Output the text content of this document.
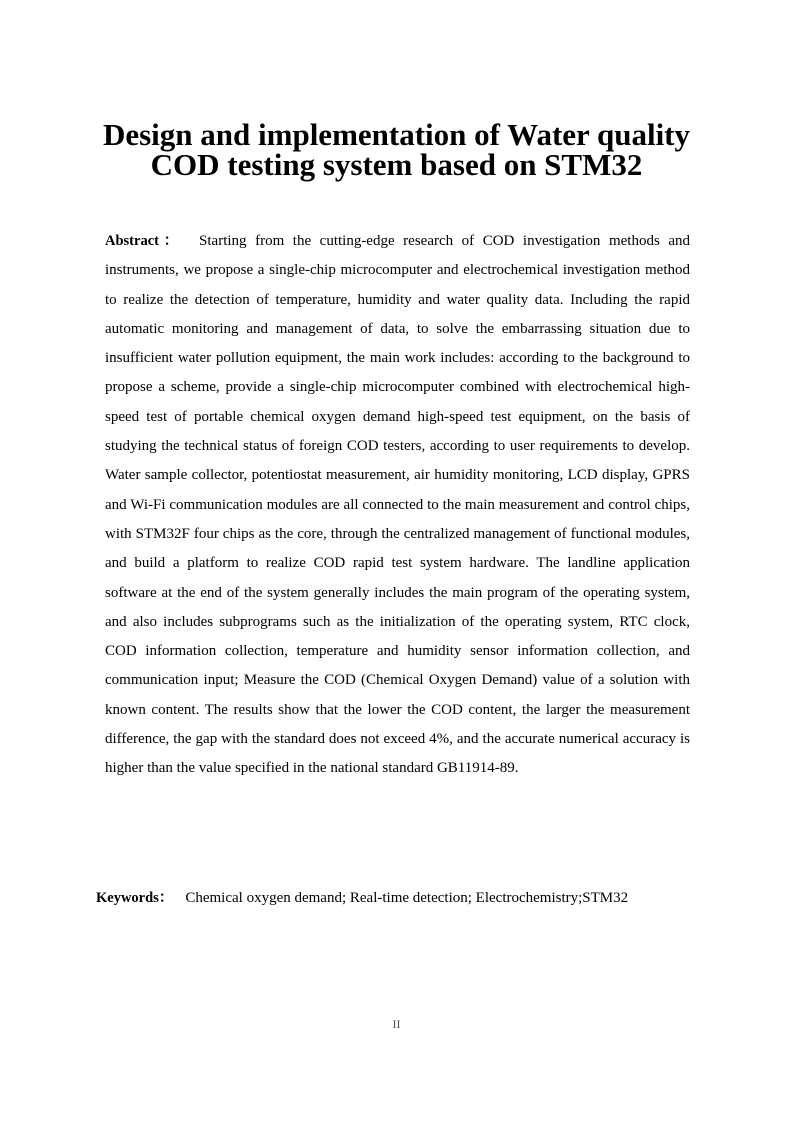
Design and implementation of Water quality COD testing system based on STM32

Abstract： Starting from the cutting-edge research of COD investigation methods and instruments, we propose a single-chip microcomputer and electrochemical investigation method to realize the detection of temperature, humidity and water quality data. Including the rapid automatic monitoring and management of data, to solve the embarrassing situation due to insufficient water pollution equipment, the main work includes: according to the background to propose a scheme, provide a single-chip microcomputer combined with electrochemical high-speed test of portable chemical oxygen demand high-speed test equipment, on the basis of studying the technical status of foreign COD testers, according to user requirements to develop. Water sample collector, potentiostat measurement, air humidity monitoring, LCD display, GPRS and Wi-Fi communication modules are all connected to the main measurement and control chips, with STM32F four chips as the core, through the centralized management of functional modules, and build a platform to realize COD rapid test system hardware. The landline application software at the end of the system generally includes the main program of the operating system, and also includes subprograms such as the initialization of the operating system, RTC clock, COD information collection, temperature and humidity sensor information collection, and communication input; Measure the COD (Chemical Oxygen Demand) value of a solution with known content. The results show that the lower the COD content, the larger the measurement difference, the gap with the standard does not exceed 4%, and the accurate numerical accuracy is higher than the value specified in the national standard GB11914-89.

Keywords： Chemical oxygen demand; Real-time detection; Electrochemistry;STM32

II
